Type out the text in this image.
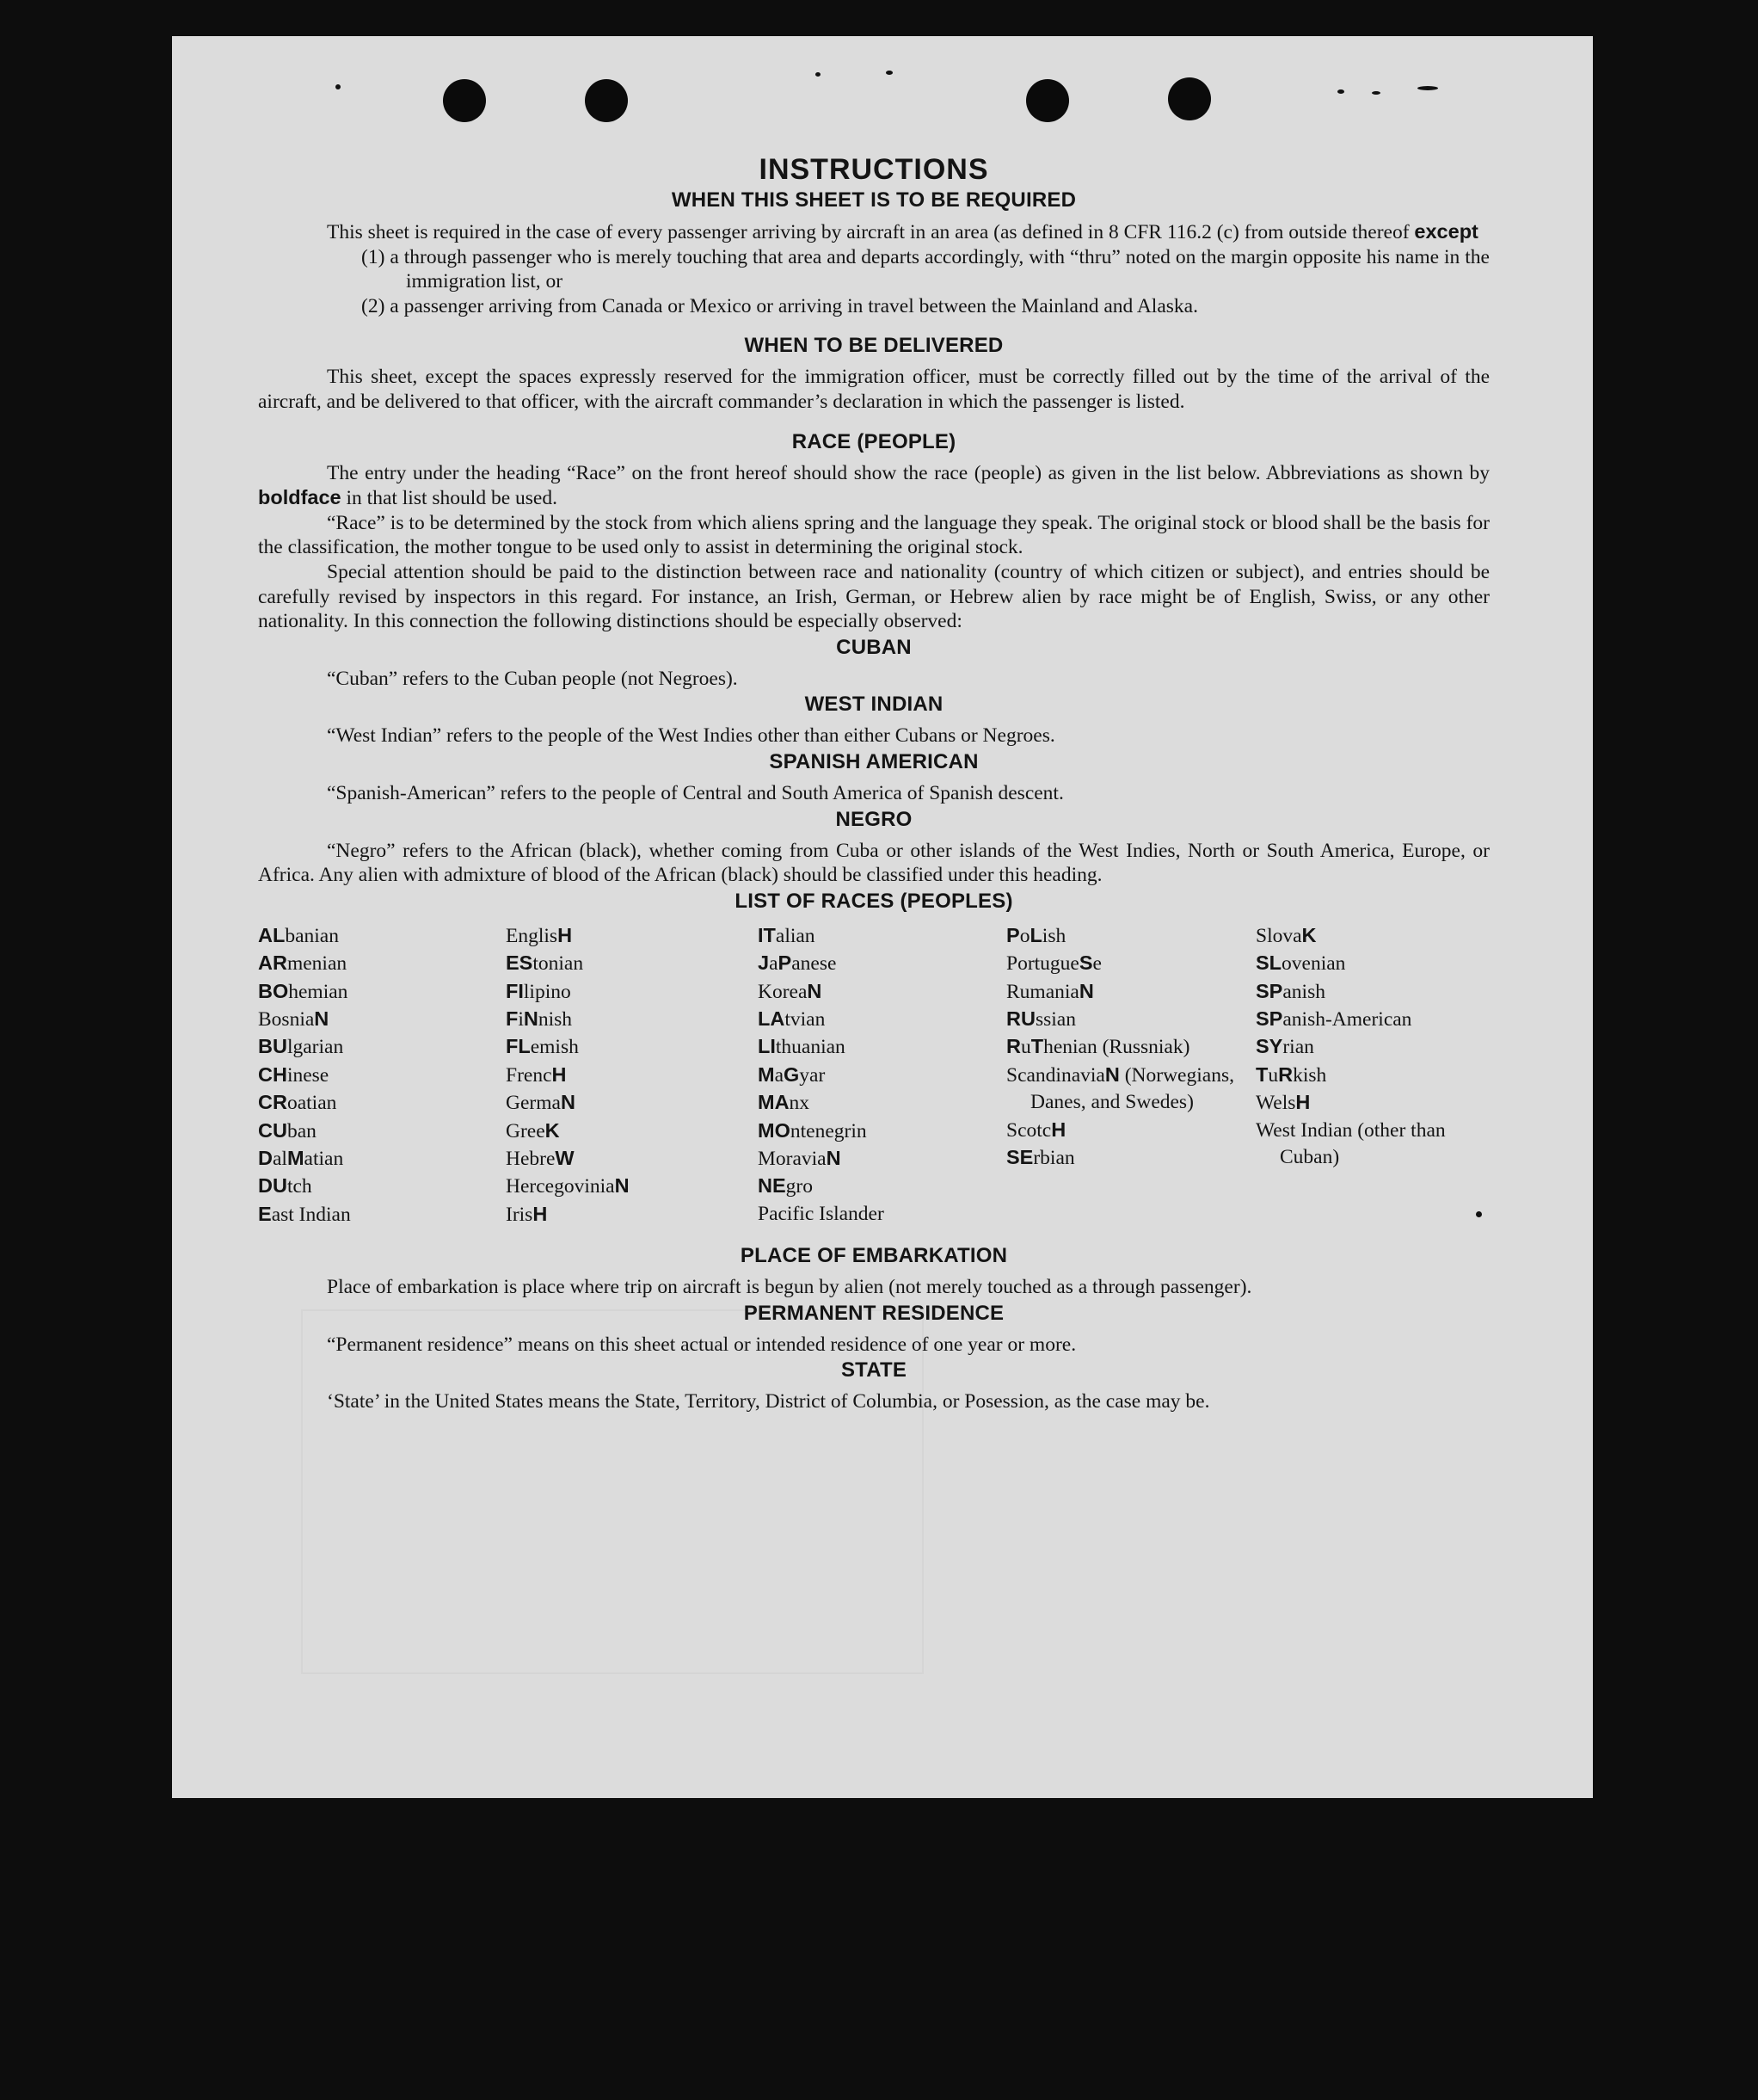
INSTRUCTIONS
WHEN THIS SHEET IS TO BE REQUIRED

This sheet is required in the case of every passenger arriving by aircraft in an area (as defined in 8 CFR 116.2 (c) from outside thereof except

(1) a through passenger who is merely touching that area and departs accordingly, with “thru” noted on the margin opposite his name in the immigration list, or

(2) a passenger arriving from Canada or Mexico or arriving in travel between the Mainland and Alaska.

WHEN TO BE DELIVERED

This sheet, except the spaces expressly reserved for the immigration officer, must be correctly filled out by the time of the arrival of the aircraft, and be delivered to that officer, with the aircraft commander’s declaration in which the passenger is listed.

RACE (PEOPLE)

The entry under the heading “Race” on the front hereof should show the race (people) as given in the list below. Abbreviations as shown by boldface in that list should be used.

“Race” is to be determined by the stock from which aliens spring and the language they speak. The original stock or blood shall be the basis for the classification, the mother tongue to be used only to assist in determining the original stock.

Special attention should be paid to the distinction between race and nationality (country of which citizen or subject), and entries should be carefully revised by inspectors in this regard. For instance, an Irish, German, or Hebrew alien by race might be of English, Swiss, or any other nationality. In this connection the following distinctions should be especially observed:

CUBAN

“Cuban” refers to the Cuban people (not Negroes).

WEST INDIAN

“West Indian” refers to the people of the West Indies other than either Cubans or Negroes.

SPANISH AMERICAN

“Spanish-American” refers to the people of Central and South America of Spanish descent.

NEGRO

“Negro” refers to the African (black), whether coming from Cuba or other islands of the West Indies, North or South America, Europe, or Africa. Any alien with admixture of blood of the African (black) should be classified under this heading.

LIST OF RACES (PEOPLES)
ALbanian
ARmenian
BOhemian
BosniaN
BUlgarian
CHinese
CRoatian
CUban
DalMatian
DUtch
East Indian
EnglisH
EStonian
FIlipino
FiNnish
FLemish
FrencH
GermaN
GreeK
HebreW
HercegoviniaN
IrisH
ITalian
JaPanese
KoreaN
LAtvian
LIthuanian
MaGyar
MAnx
MOntenegrin
MoraviaN
NEgro
Pacific Islander
PoLish
PortugueSe
RumaniaN
RUssian
RuThenian (Russniak)
ScandinaviaN (Norwegians, Danes, and Swedes)
ScotcH
SErbian
SlovaK
SLovenian
SPanish
SPanish-American
SYrian
TuRkish
WelsH
West Indian (other than Cuban)
PLACE OF EMBARKATION

Place of embarkation is place where trip on aircraft is begun by alien (not merely touched as a through passenger).

PERMANENT RESIDENCE

“Permanent residence” means on this sheet actual or intended residence of one year or more.

STATE

‘State’ in the United States means the State, Territory, District of Columbia, or Posession, as the case may be.
